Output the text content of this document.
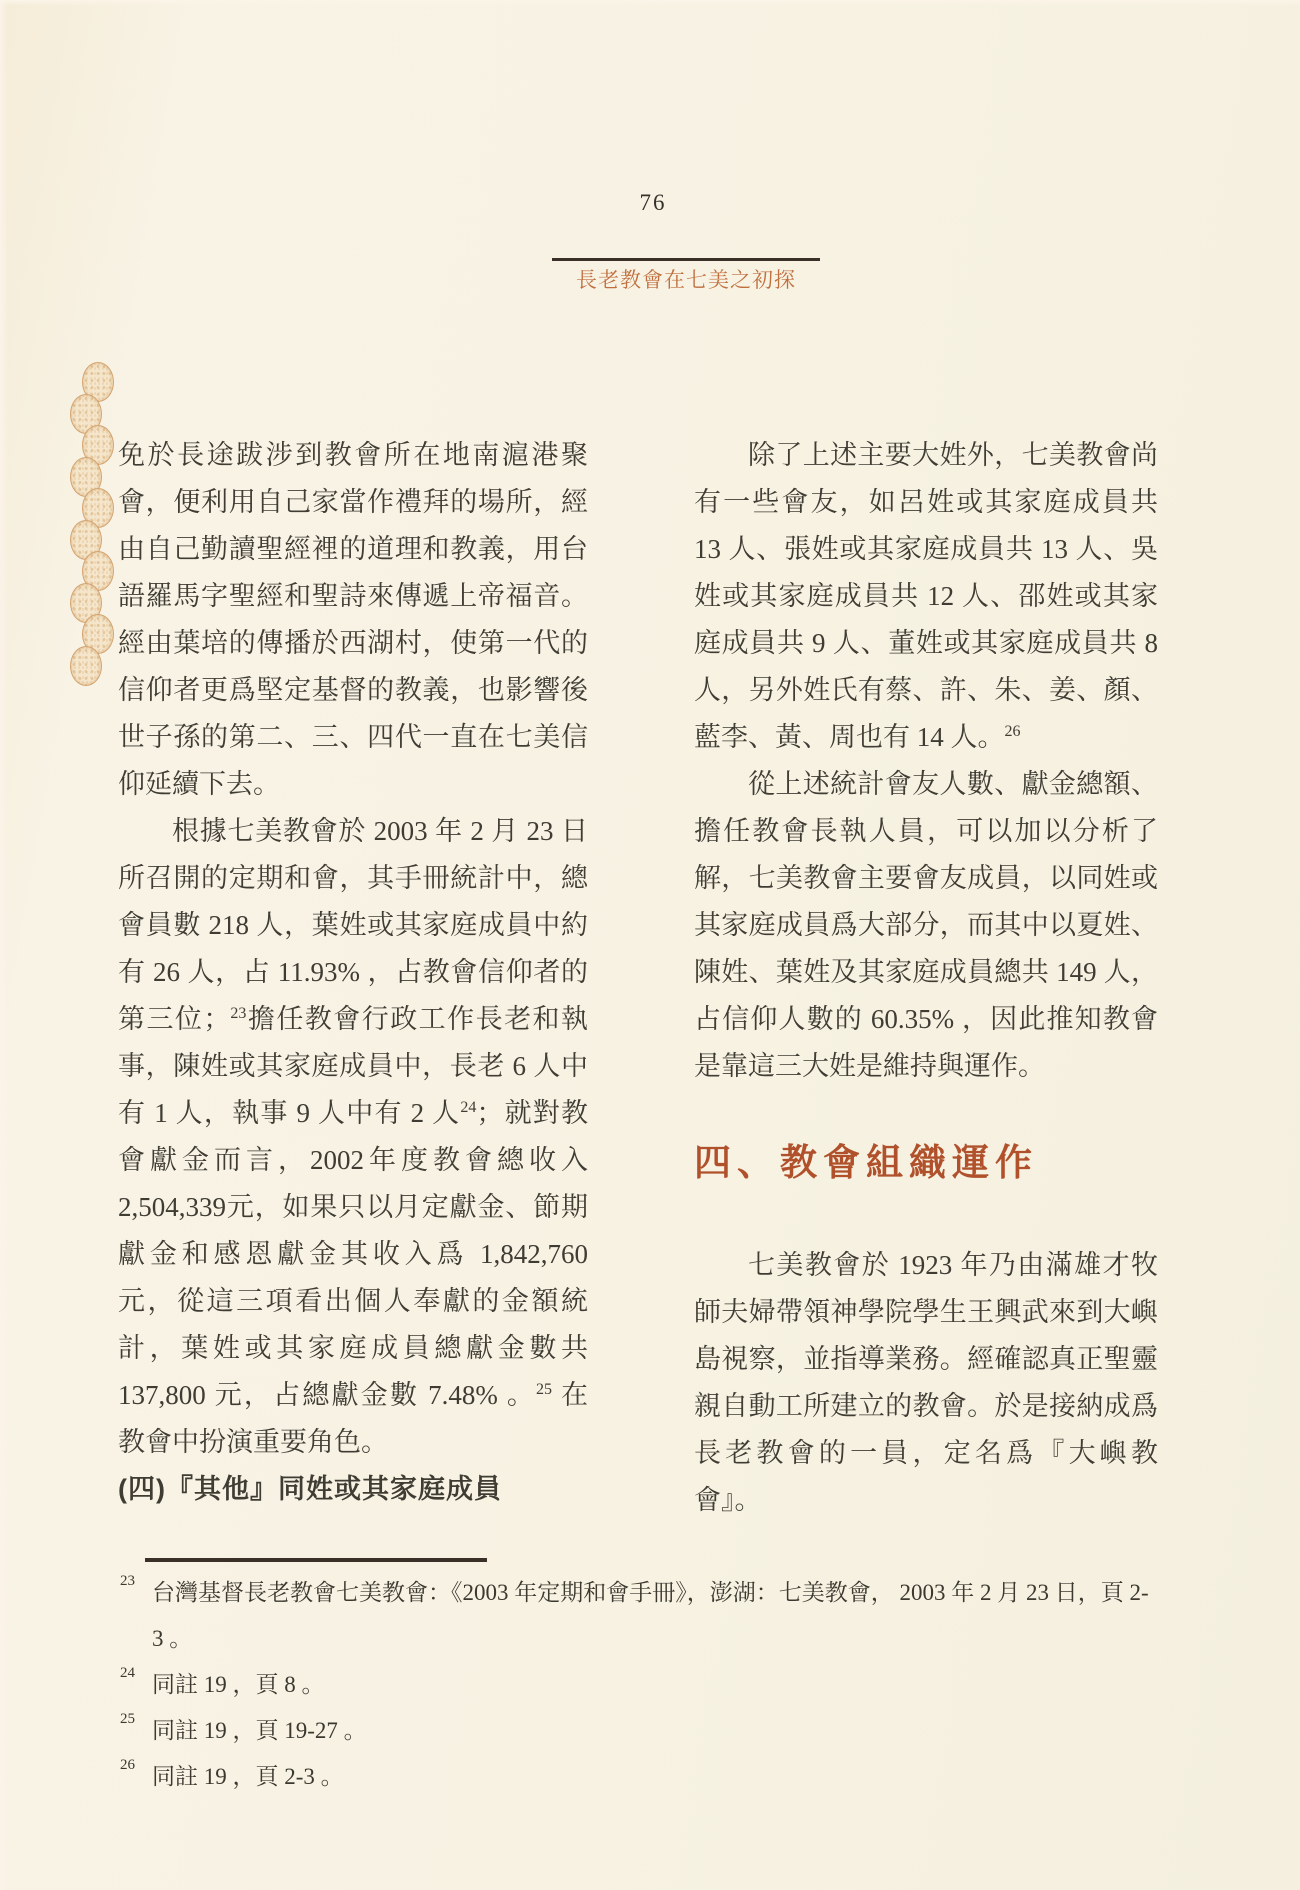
76
長老教會在七美之初探
免於長途跋涉到教會所在地南滬港聚會，便利用自己家當作禮拜的場所，經由自己勤讀聖經裡的道理和教義，用台語羅馬字聖經和聖詩來傳遞上帝福音。經由葉培的傳播於西湖村，使第一代的信仰者更爲堅定基督的教義，也影響後世子孫的第二、三、四代一直在七美信仰延續下去。
根據七美教會於 2003 年 2 月 23 日所召開的定期和會，其手冊統計中，總會員數 218 人，葉姓或其家庭成員中約有 26 人，占 11.93% ，占教會信仰者的第三位；$^{23}$擔任教會行政工作長老和執事，陳姓或其家庭成員中，長老 6 人中有 1 人，執事 9 人中有 2 人$^{24}$；就對教會獻金而言，2002年度教會總收入2,504,339元，如果只以月定獻金、節期獻金和感恩獻金其收入爲 1,842,760 元，從這三項看出個人奉獻的金額統計，葉姓或其家庭成員總獻金數共 137,800 元，占總獻金數 7.48% 。$^{25}$ 在教會中扮演重要角色。
(四)『其他』同姓或其家庭成員
除了上述主要大姓外，七美教會尚有一些會友，如呂姓或其家庭成員共 13 人、張姓或其家庭成員共 13 人、吳姓或其家庭成員共 12 人、邵姓或其家庭成員共 9 人、董姓或其家庭成員共 8 人，另外姓氏有蔡、許、朱、姜、顏、藍李、黃、周也有 14 人。$^{26}$
從上述統計會友人數、獻金總額、擔任教會長執人員，可以加以分析了解，七美教會主要會友成員，以同姓或其家庭成員爲大部分，而其中以夏姓、陳姓、葉姓及其家庭成員總共 149 人，占信仰人數的 60.35% ，因此推知教會是靠這三大姓是維持與運作。
四、教會組織運作
七美教會於 1923 年乃由滿雄才牧師夫婦帶領神學院學生王興武來到大嶼島視察，並指導業務。經確認真正聖靈親自動工所建立的教會。於是接納成爲長老教會的一員，定名爲『大嶼教會』。
23 台灣基督長老教會七美教會：《2003 年定期和會手冊》，澎湖：七美教會， 2003 年 2 月 23 日，頁 2-
3 。
24 同註 19 ，頁 8 。
25 同註 19 ，頁 19-27 。
26 同註 19 ，頁 2-3 。
